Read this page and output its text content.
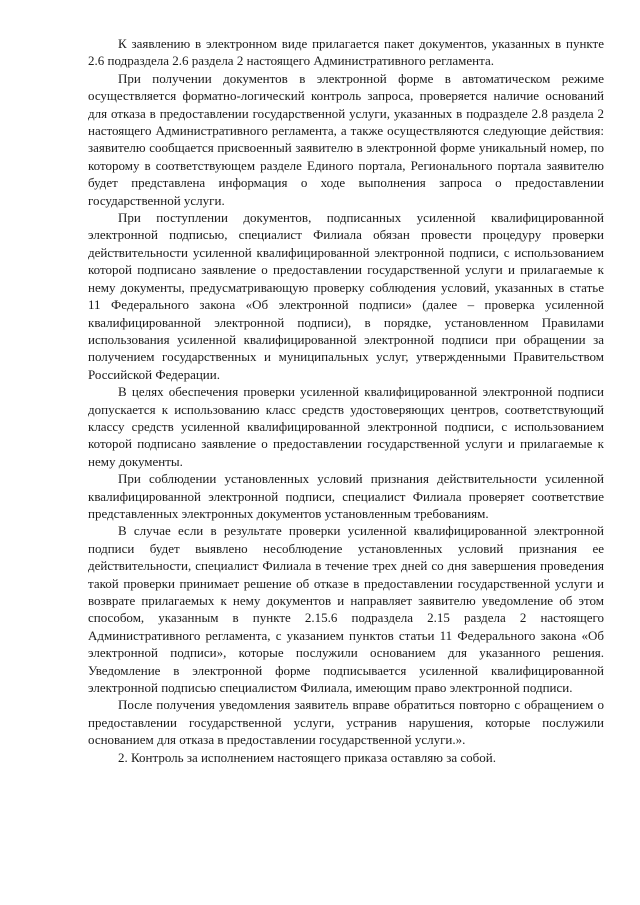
К заявлению в электронном виде прилагается пакет документов, указанных в пункте 2.6 подраздела 2.6 раздела 2 настоящего Административного регламента.

При получении документов в электронной форме в автоматическом режиме осуществляется форматно-логический контроль запроса, проверяется наличие оснований для отказа в предоставлении государственной услуги, указанных в подразделе 2.8 раздела 2 настоящего Административного регламента, а также осуществляются следующие действия: заявителю сообщается присвоенный заявителю в электронной форме уникальный номер, по которому в соответствующем разделе Единого портала, Регионального портала заявителю будет представлена информация о ходе выполнения запроса о предоставлении государственной услуги.

При поступлении документов, подписанных усиленной квалифицированной электронной подписью, специалист Филиала обязан провести процедуру проверки действительности усиленной квалифицированной электронной подписи, с использованием которой подписано заявление о предоставлении государственной услуги и прилагаемые к нему документы, предусматривающую проверку соблюдения условий, указанных в статье 11 Федерального закона «Об электронной подписи» (далее – проверка усиленной квалифицированной электронной подписи), в порядке, установленном Правилами использования усиленной квалифицированной электронной подписи при обращении за получением государственных и муниципальных услуг, утвержденными Правительством Российской Федерации.

В целях обеспечения проверки усиленной квалифицированной электронной подписи допускается к использованию класс средств удостоверяющих центров, соответствующий классу средств усиленной квалифицированной электронной подписи, с использованием которой подписано заявление о предоставлении государственной услуги и прилагаемые к нему документы.

При соблюдении установленных условий признания действительности усиленной квалифицированной электронной подписи, специалист Филиала проверяет соответствие представленных электронных документов установленным требованиям.

В случае если в результате проверки усиленной квалифицированной электронной подписи будет выявлено несоблюдение установленных условий признания ее действительности, специалист Филиала в течение трех дней со дня завершения проведения такой проверки принимает решение об отказе в предоставлении государственной услуги и возврате прилагаемых к нему документов и направляет заявителю уведомление об этом способом, указанным в пункте 2.15.6 подраздела 2.15 раздела 2 настоящего Административного регламента, с указанием пунктов статьи 11 Федерального закона «Об электронной подписи», которые послужили основанием для указанного решения. Уведомление в электронной форме подписывается усиленной квалифицированной электронной подписью специалистом Филиала, имеющим право электронной подписи.

После получения уведомления заявитель вправе обратиться повторно с обращением о предоставлении государственной услуги, устранив нарушения, которые послужили основанием для отказа в предоставлении государственной услуги.».

2. Контроль за исполнением настоящего приказа оставляю за собой.
